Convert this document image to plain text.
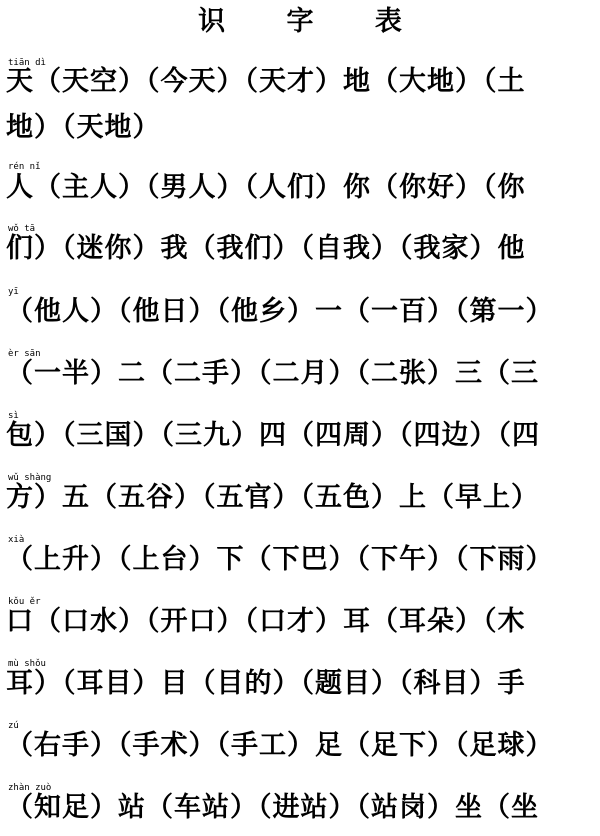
识 字 表
tiān dì
天（天空）（今天）（天才）地（大地）（土
地）（天地）
rén nǐ
人（主人）（男人）（人们）你（你好）（你
wǒ tā
们）（迷你）我（我们）（自我）（我家）他
yī
（他人）（他日）（他乡）一（一百）（第一）
èr sān
（一半）二（二手）（二月）（二张）三（三
sì
包）（三国）（三九）四（四周）（四边）（四
wǔ shàng
方）五（五谷）（五官）（五色）上（早上）
xià
（上升）（上台）下（下巴）（下午）（下雨）
kǒu ěr
口（口水）（开口）（口才）耳（耳朵）（木
mù shǒu
耳）（耳目）目（目的）（题目）（科目）手
zú
（右手）（手术）（手工）足（足下）（足球）
zhàn zuò
（知足）站（车站）（进站）（站岗）坐（坐
